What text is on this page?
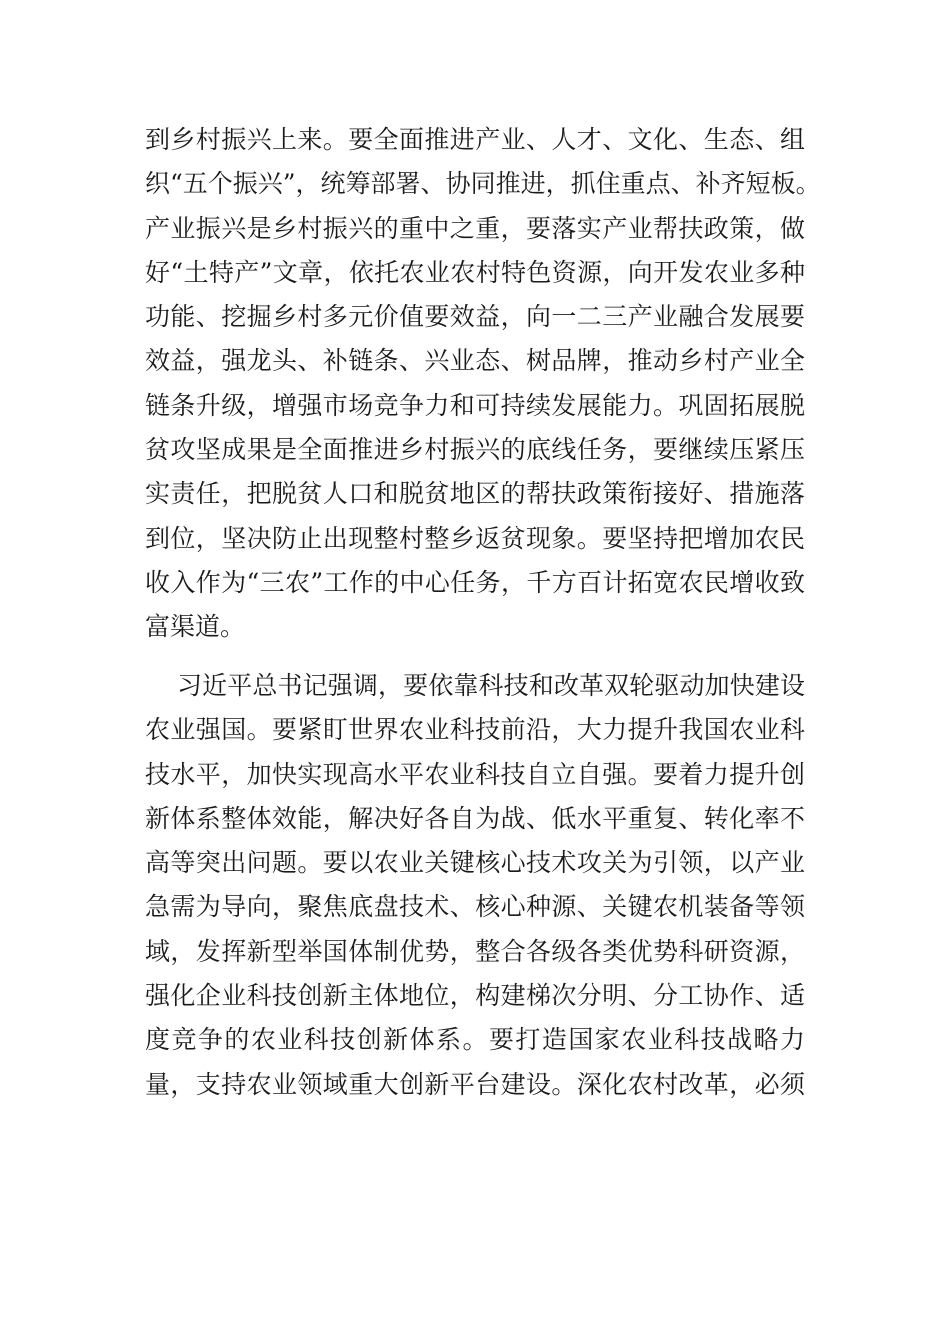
到乡村振兴上来。要全面推进产业、人才、文化、生态、组
织“五个振兴”，统筹部署、协同推进，抓住重点、补齐短板。
产业振兴是乡村振兴的重中之重，要落实产业帮扶政策，做
好“土特产”文章，依托农业农村特色资源，向开发农业多种
功能、挖掘乡村多元价值要效益，向一二三产业融合发展要
效益，强龙头、补链条、兴业态、树品牌，推动乡村产业全
链条升级，增强市场竞争力和可持续发展能力。巩固拓展脱
贫攻坚成果是全面推进乡村振兴的底线任务，要继续压紧压
实责任，把脱贫人口和脱贫地区的帮扶政策衔接好、措施落
到位，坚决防止出现整村整乡返贫现象。要坚持把增加农民
收入作为“三农”工作的中心任务，千方百计拓宽农民增收致
富渠道。
习近平总书记强调，要依靠科技和改革双轮驱动加快建设
农业强国。要紧盯世界农业科技前沿，大力提升我国农业科
技水平，加快实现高水平农业科技自立自强。要着力提升创
新体系整体效能，解决好各自为战、低水平重复、转化率不
高等突出问题。要以农业关键核心技术攻关为引领，以产业
急需为导向，聚焦底盘技术、核心种源、关键农机装备等领
域，发挥新型举国体制优势，整合各级各类优势科研资源，
强化企业科技创新主体地位，构建梯次分明、分工协作、适
度竞争的农业科技创新体系。要打造国家农业科技战略力
量，支持农业领域重大创新平台建设。深化农村改革，必须
